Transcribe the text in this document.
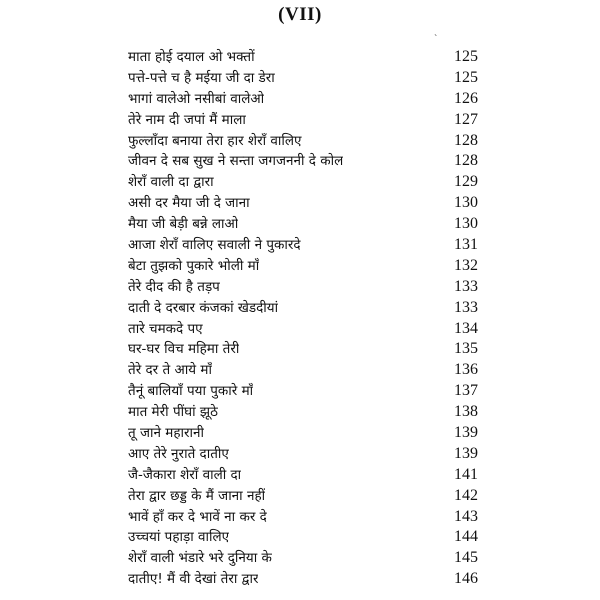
(VII)
`
माता होई दयाल ओ भक्तों	125
पत्ते-पत्ते च है मईया जी दा डेरा	125
भागां वालेओ नसीबां वालेओ	126
तेरे नाम दी जपां मैं माला	127
फुल्लाँदा बनाया तेरा हार शेराँ वालिए	128
जीवन दे सब सुख ने सन्ता जगजननी दे कोल	128
शेराँ वाली दा द्वारा	129
असी दर मैया जी दे जाना	130
मैया जी बेड़ी बन्ने लाओ	130
आजा शेराँ वालिए सवाली ने पुकारदे	131
बेटा तुझको पुकारे भोली माँ	132
तेरे दीद की है तड़प	133
दाती दे दरबार कंजकां खेडदीयां	133
तारे चमकदे पए	134
घर-घर विच महिमा तेरी	135
तेरे दर ते आये माँ	136
तैनूं बालियाँ पया पुकारे माँ	137
मात मेरी पींघां झूठे	138
तू जाने महारानी	139
आए तेरे नुराते दातीए	139
जै-जैकारा शेराँ वाली दा	141
तेरा द्वार छड्ड के मैं जाना नहीं	142
भावें हाँ कर दे भावें ना कर दे	143
उच्चयां पहाड़ा वालिए	144
शेराँ वाली भंडारे भरे दुनिया के	145
दातीए! मैं वी देखां तेरा द्वार	146
